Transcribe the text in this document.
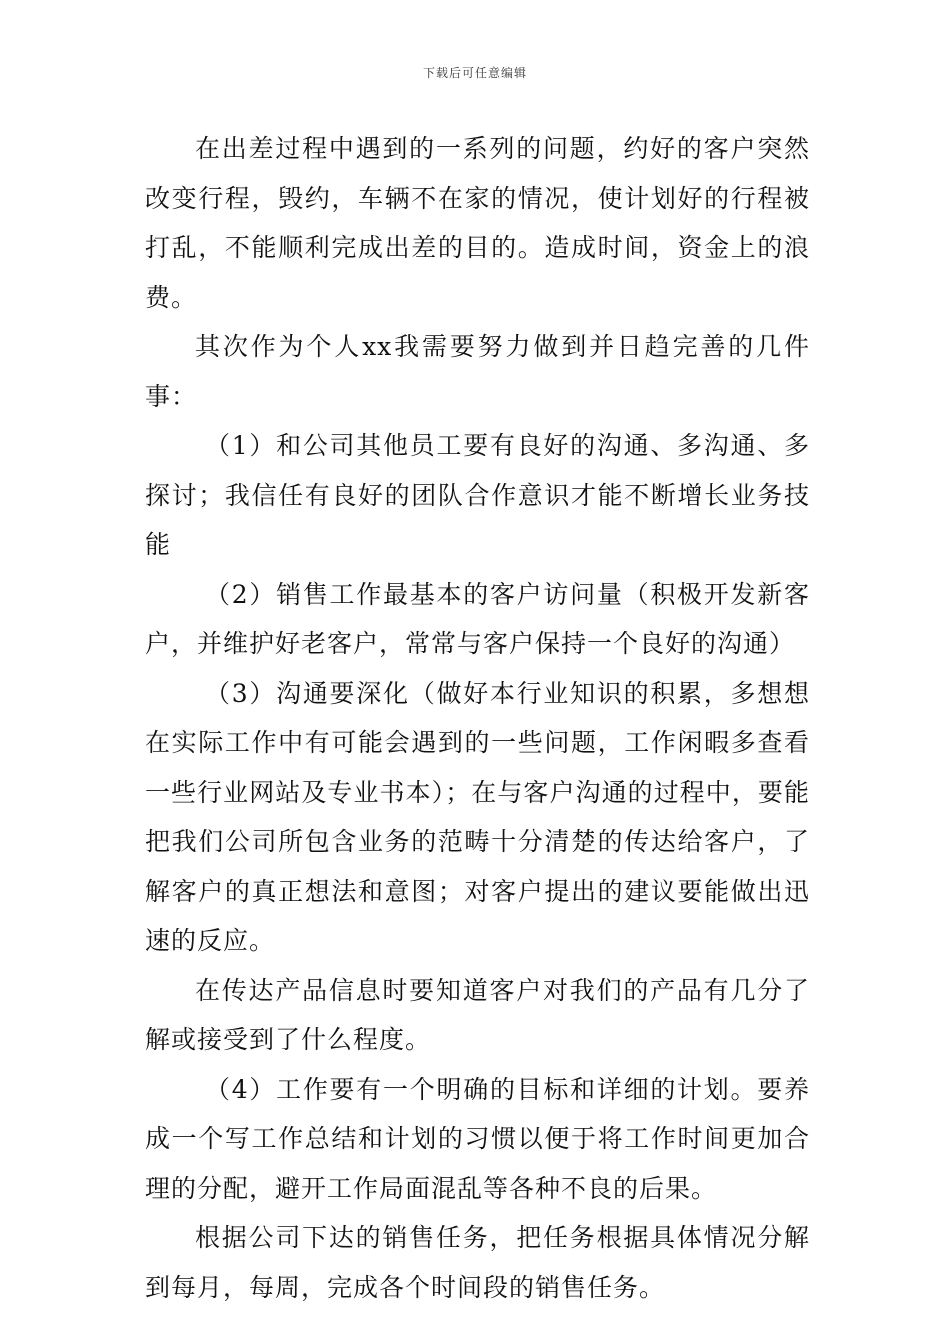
下载后可任意编辑

在出差过程中遇到的一系列的问题，约好的客户突然改变行程，毁约，车辆不在家的情况，使计划好的行程被打乱，不能顺利完成出差的目的。造成时间，资金上的浪费。

其次作为个人xx我需要努力做到并日趋完善的几件事：

（1）和公司其他员工要有良好的沟通、多沟通、多探讨；我信任有良好的团队合作意识才能不断增长业务技能

（2）销售工作最基本的客户访问量（积极开发新客户，并维护好老客户，常常与客户保持一个良好的沟通）

（3）沟通要深化（做好本行业知识的积累，多想想在实际工作中有可能会遇到的一些问题，工作闲暇多查看一些行业网站及专业书本）；在与客户沟通的过程中，要能把我们公司所包含业务的范畴十分清楚的传达给客户，了解客户的真正想法和意图；对客户提出的建议要能做出迅速的反应。

在传达产品信息时要知道客户对我们的产品有几分了解或接受到了什么程度。

（4）工作要有一个明确的目标和详细的计划。要养成一个写工作总结和计划的习惯以便于将工作时间更加合理的分配，避开工作局面混乱等各种不良的后果。

根据公司下达的销售任务，把任务根据具体情况分解到每月，每周，完成各个时间段的销售任务。
